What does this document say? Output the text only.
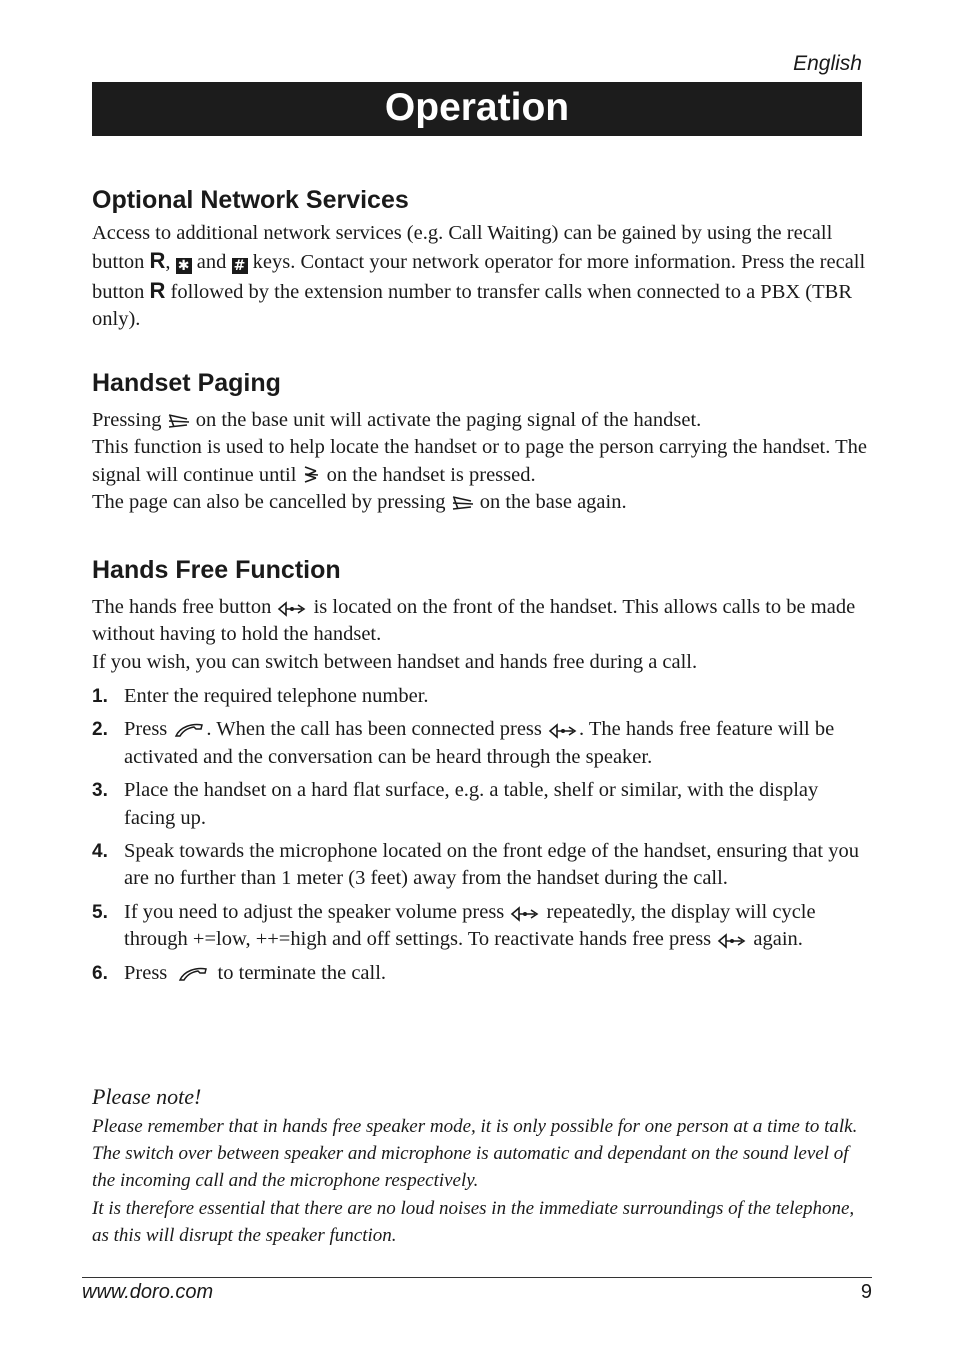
English
Operation
Optional Network Services

Access to additional network services (e.g. Call Waiting) can be gained by using the recall button R, ✱ and # keys. Contact your network operator for more information. Press the recall button R followed by the extension number to transfer calls when connected to a PBX (TBR only).

Handset Paging

Pressing  on the base unit will activate the paging signal of the handset.

This function is used to help locate the handset or to page the person carrying the handset. The signal will continue until  on the handset is pressed.

The page can also be cancelled by pressing  on the base again.

Hands Free Function

The hands free button  is located on the front of the handset. This allows calls to be made without having to hold the handset.

If you wish, you can switch between handset and hands free during a call.

1. Enter the required telephone number.
2. Press . When the call has been connected press . The hands free feature will be activated and the conversation can be heard through the speaker.
3. Place the handset on a hard flat surface, e.g. a table, shelf or similar, with the display facing up.
4. Speak towards the microphone located on the front edge of the handset, ensuring that you are no further than 1 meter (3 feet) away from the handset during the call.
5. If you need to adjust the speaker volume press  repeatedly, the display will cycle through +=low, ++=high and off settings. To reactivate hands free press  again.
6. Press  to terminate the call.
Please note!

Please remember that in hands free speaker mode, it is only possible for one person at a time to talk. The switch over between speaker and microphone is automatic and dependant on the sound level of the incoming call and the microphone respectively.

It is therefore essential that there are no loud noises in the immediate surroundings of the telephone, as this will disrupt the speaker function.

www.doro.com	9
